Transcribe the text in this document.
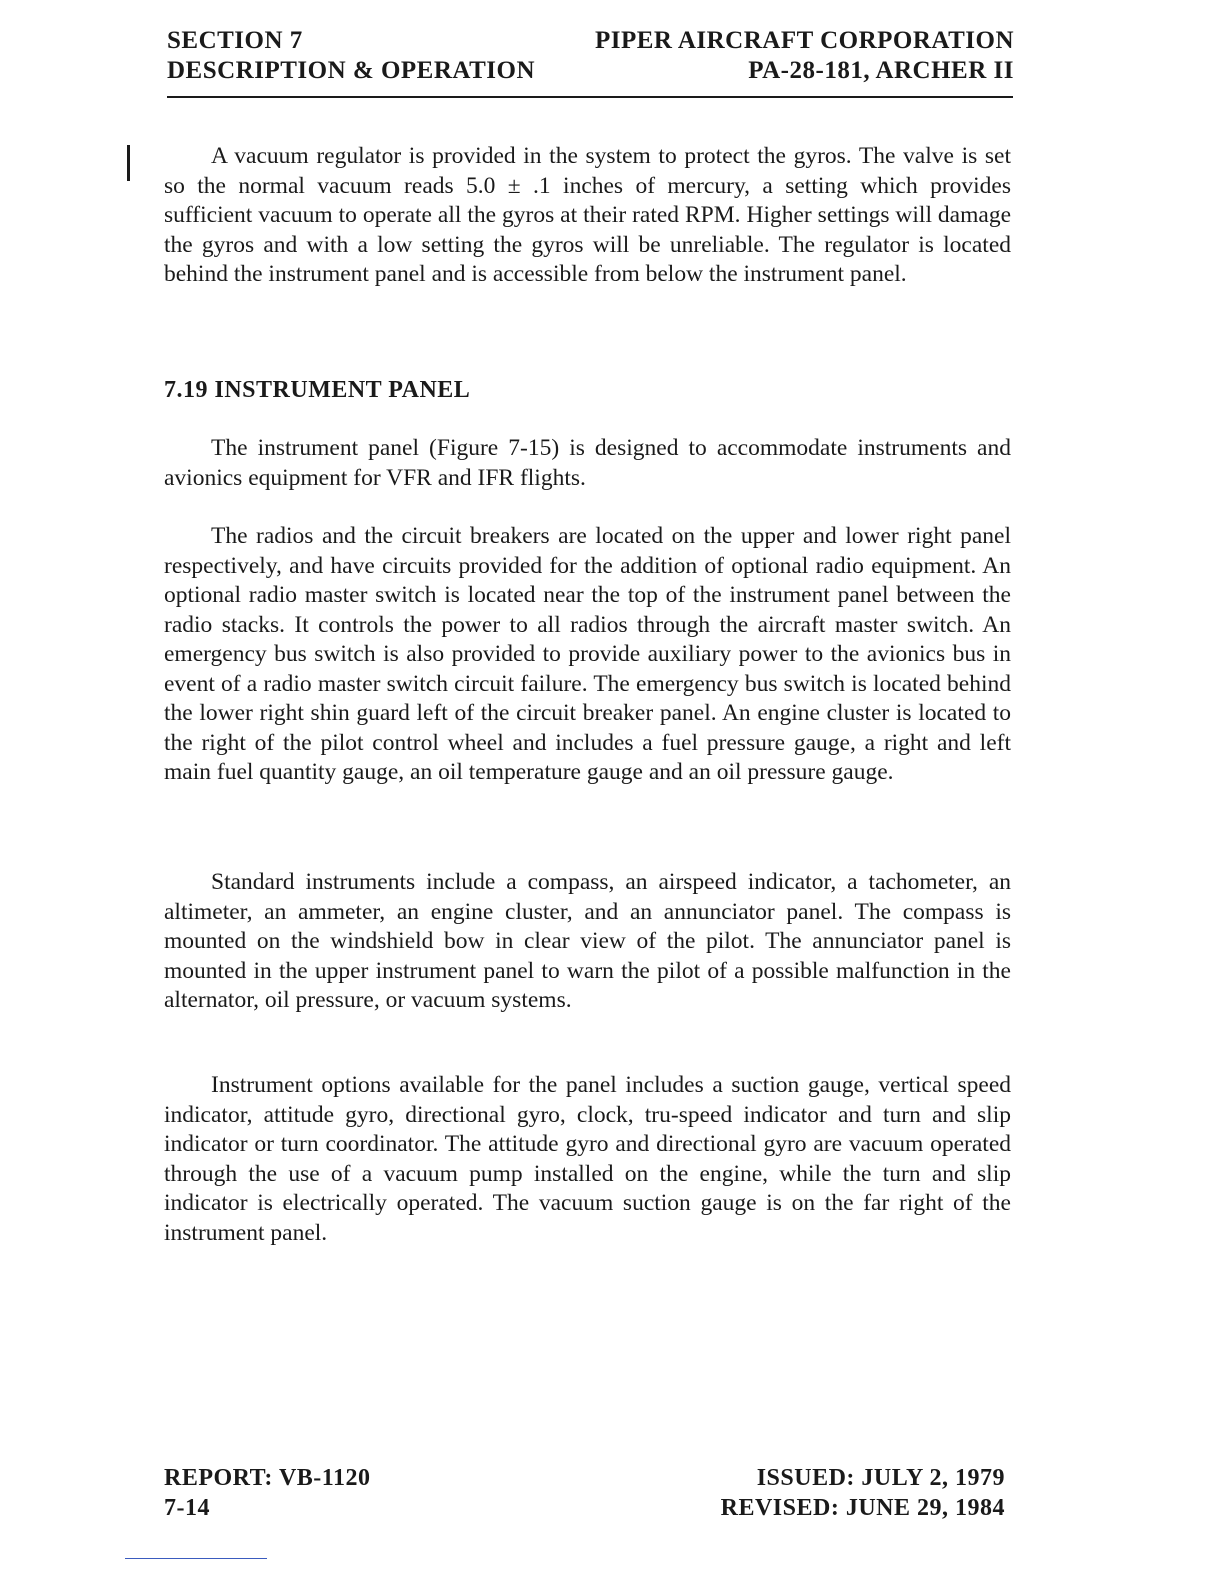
SECTION 7
DESCRIPTION & OPERATION
PIPER AIRCRAFT CORPORATION
PA-28-181, ARCHER II

A vacuum regulator is provided in the system to protect the gyros. The valve is set so the normal vacuum reads 5.0 ± .1 inches of mercury, a setting which provides sufficient vacuum to operate all the gyros at their rated RPM. Higher settings will damage the gyros and with a low setting the gyros will be unreliable. The regulator is located behind the instrument panel and is accessible from below the instrument panel.

7.19 INSTRUMENT PANEL

The instrument panel (Figure 7-15) is designed to accommodate instruments and avionics equipment for VFR and IFR flights.

The radios and the circuit breakers are located on the upper and lower right panel respectively, and have circuits provided for the addition of optional radio equipment. An optional radio master switch is located near the top of the instrument panel between the radio stacks. It controls the power to all radios through the aircraft master switch. An emergency bus switch is also provided to provide auxiliary power to the avionics bus in event of a radio master switch circuit failure. The emergency bus switch is located behind the lower right shin guard left of the circuit breaker panel. An engine cluster is located to the right of the pilot control wheel and includes a fuel pressure gauge, a right and left main fuel quantity gauge, an oil temperature gauge and an oil pressure gauge.

Standard instruments include a compass, an airspeed indicator, a tachometer, an altimeter, an ammeter, an engine cluster, and an annunciator panel. The compass is mounted on the windshield bow in clear view of the pilot. The annunciator panel is mounted in the upper instrument panel to warn the pilot of a possible malfunction in the alternator, oil pressure, or vacuum systems.

Instrument options available for the panel includes a suction gauge, vertical speed indicator, attitude gyro, directional gyro, clock, tru-speed indicator and turn and slip indicator or turn coordinator. The attitude gyro and directional gyro are vacuum operated through the use of a vacuum pump installed on the engine, while the turn and slip indicator is electrically operated. The vacuum suction gauge is on the far right of the instrument panel.

REPORT: VB-1120
7-14
ISSUED: JULY 2, 1979
REVISED: JUNE 29, 1984
